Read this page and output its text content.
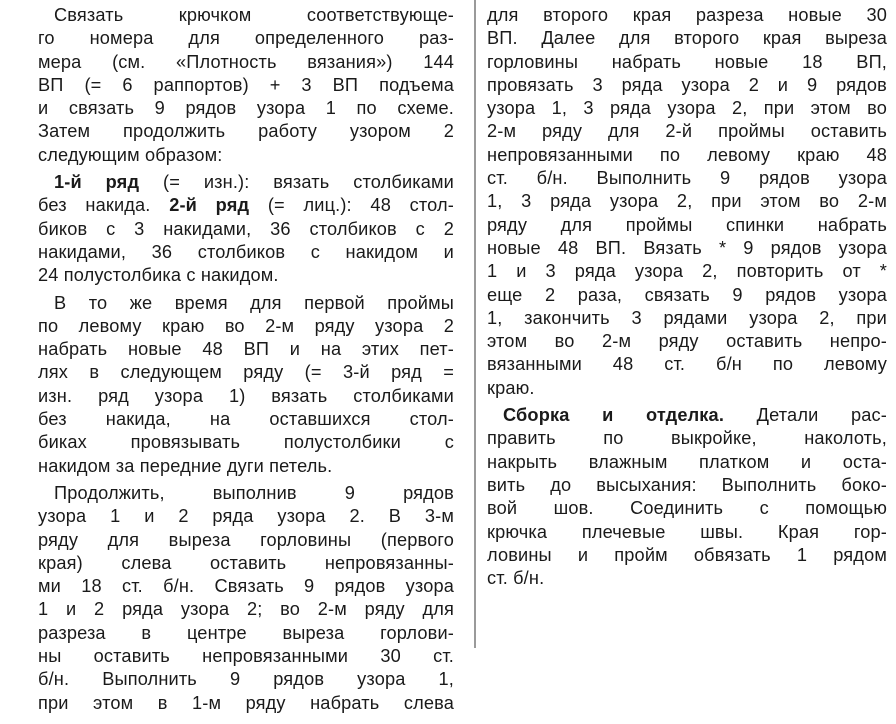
Связать крючком соответствующе-
го номера для определенного раз-
мера (см. «Плотность вязания») 144
ВП (= 6 раппортов) + 3 ВП подъема
и связать 9 рядов узора 1 по схеме.
Затем продолжить работу узором 2
следующим образом:
1-й ряд (= изн.): вязать столбиками
без накида. 2-й ряд (= лиц.): 48 стол-
биков с 3 накидами, 36 столбиков с 2
накидами, 36 столбиков с накидом и
24 полустолбика с накидом.
В то же время для первой проймы
по левому краю во 2-м ряду узора 2
набрать новые 48 ВП и на этих пет-
лях в следующем ряду (= 3-й ряд =
изн. ряд узора 1) вязать столбиками
без накида, на оставшихся стол-
биках провязывать полустолбики с
накидом за передние дуги петель.
Продолжить, выполнив 9 рядов
узора 1 и 2 ряда узора 2. В 3-м
ряду для выреза горловины (первого
края) слева оставить непровязанны-
ми 18 ст. б/н. Связать 9 рядов узора
1 и 2 ряда узора 2; во 2-м ряду для
разреза в центре выреза горлови-
ны оставить непровязанными 30 ст.
б/н. Выполнить 9 рядов узора 1,
при этом в 1-м ряду набрать слева
для второго края разреза новые 30
ВП. Далее для второго края выреза
горловины набрать новые 18 ВП,
провязать 3 ряда узора 2 и 9 рядов
узора 1, 3 ряда узора 2, при этом во
2-м ряду для 2-й проймы оставить
непровязанными по левому краю 48
ст. б/н. Выполнить 9 рядов узора
1, 3 ряда узора 2, при этом во 2-м
ряду для проймы спинки набрать
новые 48 ВП. Вязать * 9 рядов узора
1 и 3 ряда узора 2, повторить от *
еще 2 раза, связать 9 рядов узора
1, закончить 3 рядами узора 2, при
этом во 2-м ряду оставить непро-
вязанными 48 ст. б/н по левому
краю.
Сборка и отделка. Детали рас-
править по выкройке, наколоть,
накрыть влажным платком и оста-
вить до высыхания: Выполнить боко-
вой шов. Соединить с помощью
крючка плечевые швы. Края гор-
ловины и пройм обвязать 1 рядом
ст. б/н.
